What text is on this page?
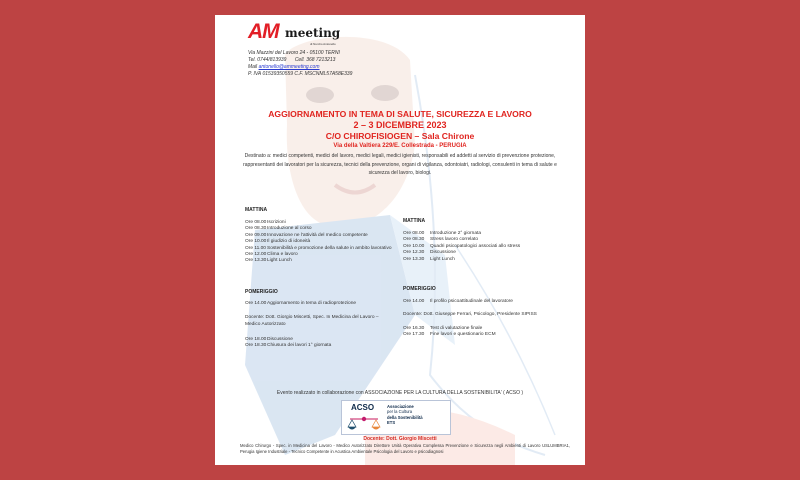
AM meeting
di Nunzio Antonello
Via Mazzini del Lavoro 24 - 05100 TERNI
Tel. 0744/813939 Cell. 368 7213213
Mail antonello@ammeeting.com
P. IVA 01539350559 C.F. MSCNML57A58E339
AGGIORNAMENTO IN TEMA DI SALUTE, SICUREZZA E LAVORO
2 – 3 DICEMBRE 2023
C/O CHIROFISIOGEN – Sala Chirone
Via della Valtiera 229/E. Collestrada - PERUGIA
Destinato a: medici competenti, medici del lavoro, medici legali, medici igienisti, responsabili ed addetti al servizio di prevenzione protezione, rappresentanti dei lavoratori per la sicurezza, tecnici della prevenzione, organi di vigilanza, odontoiatri, radiologi, consulenti in tema di salute e sicurezza del lavoro, biologi.
MATTINA
Ore 08.00 Iscrizioni
Ore 08.30 Introduzione al corso
Ore 09.00 Innovazione ne l'attività del medico competente
Ore 10.00 Il giudizio di idoneità
Ore 11.00 Sostenibilità e promozione della salute in ambito lavorativo
Ore 12.00 Clima e lavoro
Ore 13.30 Light Lunch
POMERIGGIO
Ore 14.00 Aggiornamento in tema di radioprotezione
Docente: Dott. Giorgio Miscetti, Spec. In Medicina del Lavoro – Medico Autorizzato
Ore 18.00 Discussione
Ore 18.30 Chiusura dei lavori 1° giornata
MATTINA
Ore 08.00	Introduzione 2° giornata
Ore 08.30	Stress lavoro correlato
Ore 10.00	Quadri psicopatologici associati allo stress
Ore 12.30	Discussione
Ore 13.30	Light Lunch
POMERIGGIO
Ore 14.00	Il profilo psicoattitudinale del lavoratore
Docente: Dott. Giuseppe Ferrari, Psicologo, Presidente SIPISS
Ore 16.30	Test di valutazione finale
Ore 17.30	Fine lavori e questionario ECM
Evento realizzato in collaborazione con ASSOCIAZIONE PER LA CULTURA DELLA SOSTENIBILITA' ( ACSO )
ACSO	Associazione
per la Cultura
della Sostenibilità
ETS
Docente: Dott. Giorgio Miscetti
Medico Chirurgo - Spec. in Medicina del Lavoro - Medico Autorizzato Direttore Unità Operativa Complessa Prevenzione e Sicurezza negli Ambienti di Lavoro USLUMBRIA1, Perugia Igiene Industriale - Tecnico Competente in Acustica Ambientale Psicologia del Lavoro e psicodiagnosi
